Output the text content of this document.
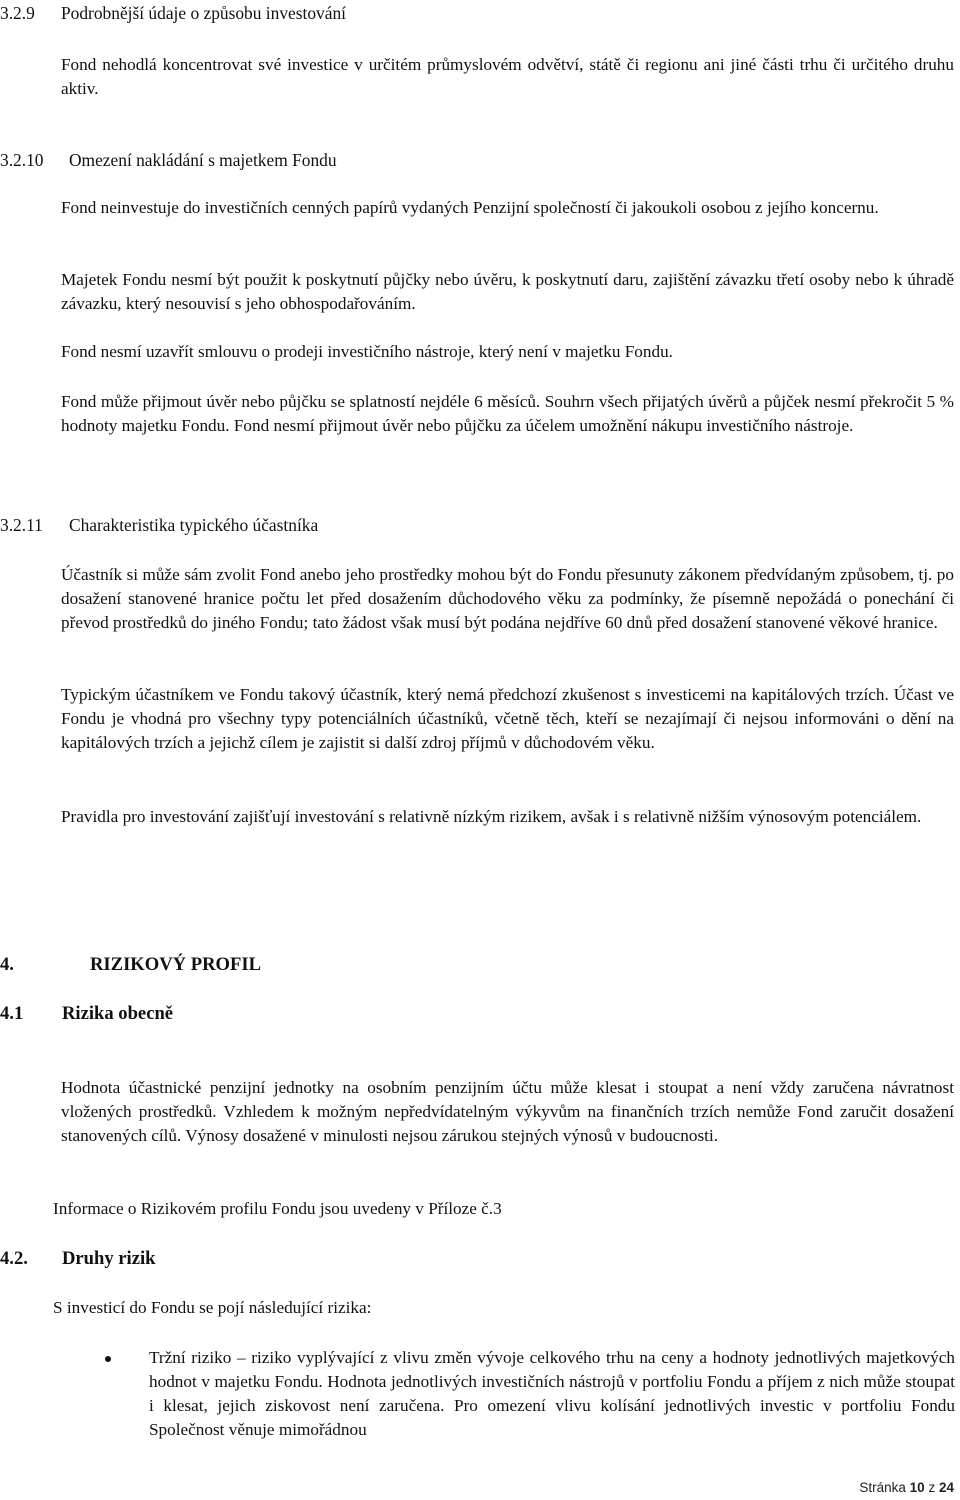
3.2.9 Podrobnější údaje o způsobu investování

Fond nehodlá koncentrovat své investice v určitém průmyslovém odvětví, státě či regionu ani jiné části trhu či určitého druhu aktiv.

3.2.10 Omezení nakládání s majetkem Fondu

Fond neinvestuje do investičních cenných papírů vydaných Penzijní společností či jakoukoli osobou z jejího koncernu.

Majetek Fondu nesmí být použit k poskytnutí půjčky nebo úvěru, k poskytnutí daru, zajištění závazku třetí osoby nebo k úhradě závazku, který nesouvisí s jeho obhospodařováním.

Fond nesmí uzavřít smlouvu o prodeji investičního nástroje, který není v majetku Fondu.

Fond může přijmout úvěr nebo půjčku se splatností nejdéle 6 měsíců. Souhrn všech přijatých úvěrů a půjček nesmí překročit 5 % hodnoty majetku Fondu. Fond nesmí přijmout úvěr nebo půjčku za účelem umožnění nákupu investičního nástroje.

3.2.11 Charakteristika typického účastníka

Účastník si může sám zvolit Fond anebo jeho prostředky mohou být do Fondu přesunuty zákonem předvídaným způsobem, tj. po dosažení stanovené hranice počtu let před dosažením důchodového věku za podmínky, že písemně nepožádá o ponechání či převod prostředků do jiného Fondu; tato žádost však musí být podána nejdříve 60 dnů před dosažení stanovené věkové hranice.

Typickým účastníkem ve Fondu takový účastník, který nemá předchozí zkušenost s investicemi na kapitálových trzích. Účast ve Fondu je vhodná pro všechny typy potenciálních účastníků, včetně těch, kteří se nezajímají či nejsou informováni o dění na kapitálových trzích a jejichž cílem je zajistit si další zdroj příjmů v důchodovém věku.

Pravidla pro investování zajišťují investování s relativně nízkým rizikem, avšak i s relativně nižším výnosovým potenciálem.

4.	RIZIKOVÝ PROFIL
4.1 Rizika obecně

Hodnota účastnické penzijní jednotky na osobním penzijním účtu může klesat i stoupat a není vždy zaručena návratnost vložených prostředků. Vzhledem k možným nepředvídatelným výkyvům na finančních trzích nemůže Fond zaručit dosažení stanovených cílů. Výnosy dosažené v minulosti nejsou zárukou stejných výnosů v budoucnosti.

Informace o Rizikovém profilu Fondu jsou uvedeny v Příloze č.3

4.2. Druhy rizik

S investicí do Fondu se pojí následující rizika:

Tržní riziko – riziko vyplývající z vlivu změn vývoje celkového trhu na ceny a hodnoty jednotlivých majetkových hodnot v majetku Fondu. Hodnota jednotlivých investičních nástrojů v portfoliu Fondu a příjem z nich může stoupat i klesat, jejich ziskovost není zaručena. Pro omezení vlivu kolísání jednotlivých investic v portfoliu Fondu Společnost věnuje mimořádnou
Stránka 10 z 24
